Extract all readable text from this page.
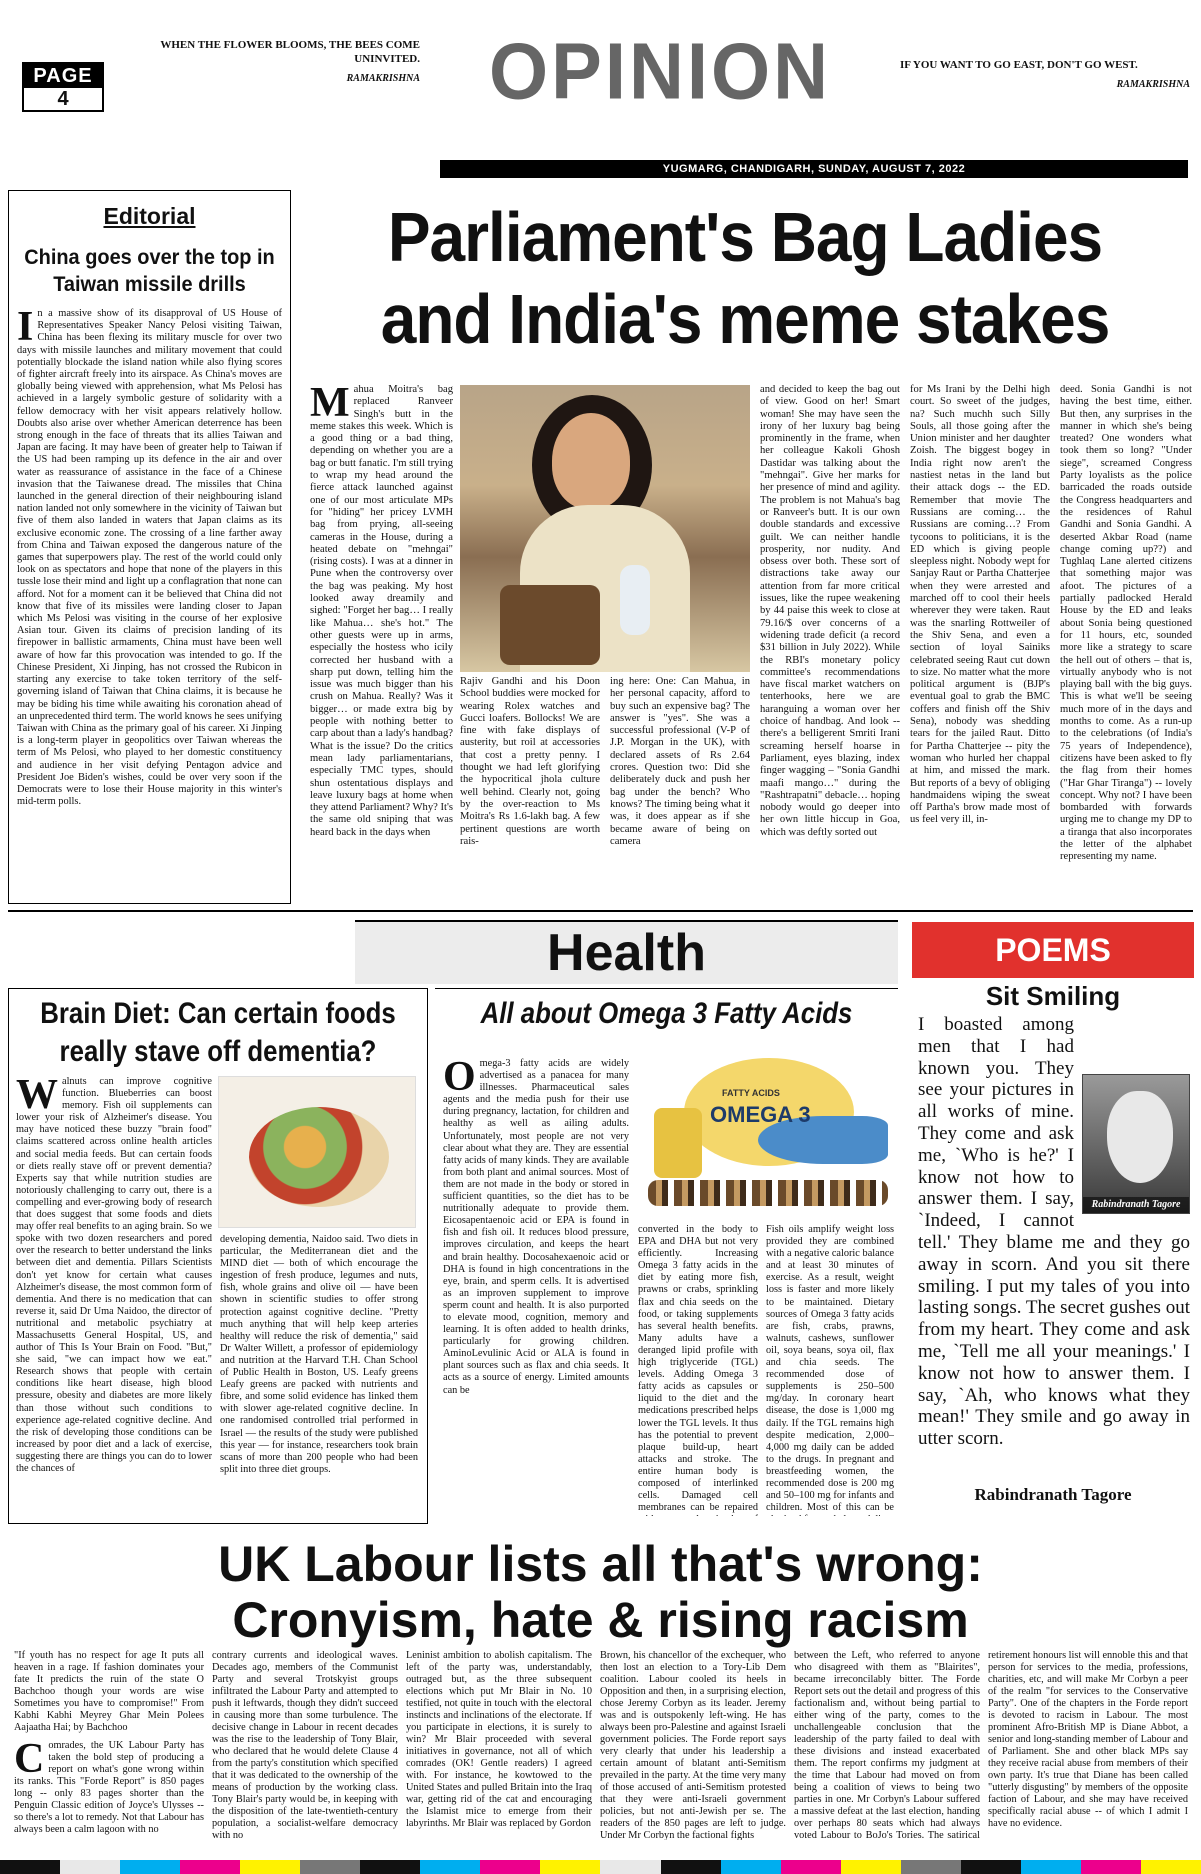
PAGE
4
WHEN THE FLOWER BLOOMS, THE BEES COME UNINVITED.
RAMAKRISHNA OPINION	IF YOU WANT TO GO EAST, DON'T GO WEST.
RAMAKRISHNA
YUGMARG, CHANDIGARH, SUNDAY, AUGUST 7, 2022
Editorial
China goes over the top in Taiwan missile drills
I n a massive show of its disapproval of US House of Representatives Speaker Nancy Pelosi visiting Taiwan, China has been flexing its military muscle for over two days with missile launches and military movement that could potentially blockade the island nation while also flying scores of fighter aircraft freely into its airspace. As China's moves are globally being viewed with apprehension, what Ms Pelosi has achieved in a largely symbolic gesture of solidarity with a fellow democracy with her visit appears relatively hollow. Doubts also arise over whether American deterrence has been strong enough in the face of threats that its allies Taiwan and Japan are facing. It may have been of greater help to Taiwan if the US had been ramping up its defence in the air and over water as reassurance of assistance in the face of a Chinese invasion that the Taiwanese dread. The missiles that China launched in the general direction of their neighbouring island nation landed not only somewhere in the vicinity of Taiwan but five of them also landed in waters that Japan claims as its exclusive economic zone. The crossing of a line farther away from China and Taiwan exposed the dangerous nature of the games that superpowers play. The rest of the world could only look on as spectators and hope that none of the players in this tussle lose their mind and light up a conflagration that none can afford. Not for a moment can it be believed that China did not know that five of its missiles were landing closer to Japan which Ms Pelosi was visiting in the course of her explosive Asian tour. Given its claims of precision landing of its firepower in ballistic armaments, China must have been well aware of how far this provocation was intended to go. If the Chinese President, Xi Jinping, has not crossed the Rubicon in starting any exercise to take token territory of the self-governing island of Taiwan that China claims, it is because he may be biding his time while awaiting his coronation ahead of an unprecedented third term. The world knows he sees unifying Taiwan with China as the primary goal of his career. Xi Jinping is a long-term player in geopolitics over Taiwan whereas the term of Ms Pelosi, who played to her domestic constituency and audience in her visit defying Pentagon advice and President Joe Biden's wishes, could be over very soon if the Democrats were to lose their House majority in this winter's mid-term polls.
Parliament's Bag Ladies
and India's meme stakes
M ahua Moitra's bag replaced Ranveer Singh's butt in the meme stakes this week. Which is a good thing or a bad thing, depending on whether you are a bag or butt fanatic. I'm still trying to wrap my head around the fierce attack launched against one of our most articulate MPs for "hiding" her pricey LVMH bag from prying, all-seeing cameras in the House, during a heated debate on "mehngai" (rising costs). I was at a dinner in Pune when the controversy over the bag was peaking. My host looked away dreamily and sighed: "Forget her bag… I really like Mahua… she's hot." The other guests were up in arms, especially the hostess who icily corrected her husband with a sharp put down, telling him the issue was much bigger than his crush on Mahua. Really? Was it bigger… or made extra big by people with nothing better to carp about than a lady's handbag? What is the issue? Do the critics mean lady parliamentarians, especially TMC types, should shun ostentatious displays and leave luxury bags at home when they attend Parliament? Why? It's the same old sniping that was heard back in the days when
Rajiv Gandhi and his Doon School buddies were mocked for wearing Rolex watches and Gucci loafers. Bollocks! We are fine with fake displays of austerity, but roil at accessories that cost a pretty penny. I thought we had left glorifying the hypocritical jhola culture well behind. Clearly not, going by the over-reaction to Ms Moitra's Rs 1.6-lakh bag. A few pertinent questions are worth rais-
ing here: One: Can Mahua, in her personal capacity, afford to buy such an expensive bag? The answer is "yes". She was a successful professional (V-P of J.P. Morgan in the UK), with declared assets of Rs 2.64 crores. Question two: Did she deliberately duck and push her bag under the bench? Who knows? The timing being what it was, it does appear as if she became aware of being on camera
and decided to keep the bag out of view. Good on her! Smart woman! She may have seen the irony of her luxury bag being prominently in the frame, when her colleague Kakoli Ghosh Dastidar was talking about the "mehngai". Give her marks for her presence of mind and agility. The problem is not Mahua's bag or Ranveer's butt. It is our own double standards and excessive guilt. We can neither handle prosperity, nor nudity. And obsess over both. These sort of distractions take away our attention from far more critical issues, like the rupee weakening by 44 paise this week to close at 79.16/$ over concerns of a widening trade deficit (a record $31 billion in July 2022). While the RBI's monetary policy committee's recommendations have fiscal market watchers on tenterhooks, here we are haranguing a woman over her choice of handbag. And look -- there's a belligerent Smriti Irani screaming herself hoarse in Parliament, eyes blazing, index finger wagging – "Sonia Gandhi maafi mango…" during the "Rashtrapatni" debacle… hoping nobody would go deeper into her own little hiccup in Goa, which was deftly sorted out
for Ms Irani by the Delhi high court. So sweet of the judges, na? Such muchh such Silly Souls, all those going after the Union minister and her daughter Zoish. The biggest bogey in India right now aren't the nastiest netas in the land but their attack dogs -- the ED. Remember that movie The Russians are coming… the Russians are coming…? From tycoons to politicians, it is the ED which is giving people sleepless night. Nobody wept for Sanjay Raut or Partha Chatterjee when they were arrested and marched off to cool their heels wherever they were taken. Raut was the snarling Rottweiler of the Shiv Sena, and even a section of loyal Sainiks celebrated seeing Raut cut down to size. No matter what the more political argument is (BJP's eventual goal to grab the BMC coffers and finish off the Shiv Sena), nobody was shedding tears for the jailed Raut. Ditto for Partha Chatterjee -- pity the woman who hurled her chappal at him, and missed the mark. But reports of a bevy of obliging handmaidens wiping the sweat off Partha's brow made most of us feel very ill, in-
deed. Sonia Gandhi is not having the best time, either. But then, any surprises in the manner in which she's being treated? One wonders what took them so long? "Under siege", screamed Congress Party loyalists as the police barricaded the roads outside the Congress headquarters and the residences of Rahul Gandhi and Sonia Gandhi. A deserted Akbar Road (name change coming up??) and Tughlaq Lane alerted citizens that something major was afoot. The pictures of a partially padlocked Herald House by the ED and leaks about Sonia being questioned for 11 hours, etc, sounded more like a strategy to scare the hell out of others – that is, virtually anybody who is not playing ball with the big guys. This is what we'll be seeing much more of in the days and months to come. As a run-up to the celebrations (of India's 75 years of Independence), citizens have been asked to fly the flag from their homes ("Har Ghar Tiranga") -- lovely concept. Why not? I have been bombarded with forwards urging me to change my DP to a tiranga that also incorporates the letter of the alphabet representing my name.
Health
Brain Diet: Can certain foods really stave off dementia?
W alnuts can improve cognitive function. Blueberries can boost memory. Fish oil supplements can lower your risk of Alzheimer's disease. You may have noticed these buzzy "brain food" claims scattered across online health articles and social media feeds. But can certain foods or diets really stave off or prevent dementia? Experts say that while nutrition studies are notoriously challenging to carry out, there is a compelling and ever-growing body of research that does suggest that some foods and diets may offer real benefits to an aging brain. So we spoke with two dozen researchers and pored over the research to better understand the links between diet and dementia. Pillars Scientists don't yet know for certain what causes Alzheimer's disease, the most common form of dementia. And there is no medication that can reverse it, said Dr Uma Naidoo, the director of nutritional and metabolic psychiatry at Massachusetts General Hospital, US, and author of This Is Your Brain on Food. "But," she said, "we can impact how we eat." Research shows that people with certain conditions like heart disease, high blood pressure, obesity and diabetes are more likely than those without such conditions to experience age-related cognitive decline. And the risk of developing those conditions can be increased by poor diet and a lack of exercise, suggesting there are things you can do to lower the chances of
developing dementia, Naidoo said. Two diets in particular, the Mediterranean diet and the MIND diet — both of which encourage the ingestion of fresh produce, legumes and nuts, fish, whole grains and olive oil — have been shown in scientific studies to offer strong protection against cognitive decline. "Pretty much anything that will help keep arteries healthy will reduce the risk of dementia," said Dr Walter Willett, a professor of epidemiology and nutrition at the Harvard T.H. Chan School of Public Health in Boston, US. Leafy greens Leafy greens are packed with nutrients and fibre, and some solid evidence has linked them with slower age-related cognitive decline. In one randomised controlled trial performed in Israel — the results of the study were published this year — for instance, researchers took brain scans of more than 200 people who had been split into three diet groups.
All about Omega 3 Fatty Acids
O mega-3 fatty acids are widely advertised as a panacea for many illnesses. Pharmaceutical sales agents and the media push for their use during pregnancy, lactation, for children and healthy as well as ailing adults. Unfortunately, most people are not very clear about what they are. They are essential fatty acids of many kinds. They are available from both plant and animal sources. Most of them are not made in the body or stored in sufficient quantities, so the diet has to be nutritionally adequate to provide them. Eicosapentaenoic acid or EPA is found in fish and fish oil. It reduces blood pressure, improves circulation, and keeps the heart and brain healthy. Docosahexaenoic acid or DHA is found in high concentrations in the eye, brain, and sperm cells. It is advertised as an improven supplement to improve sperm count and health. It is also purported to elevate mood, cognition, memory and learning. It is often added to health drinks, particularly for growing children. AminoLevulinic Acid or ALA is found in plant sources such as flax and chia seeds. It acts as a source of energy. Limited amounts can be
FATTY ACIDS
OMEGA 3
converted in the body to EPA and DHA but not very efficiently. Increasing Omega 3 fatty acids in the diet by eating more fish, prawns or crabs, sprinkling flax and chia seeds on the food, or taking supplements has several health benefits. Many adults have a deranged lipid profile with high triglyceride (TGL) levels. Adding Omega 3 fatty acids as capsules or liquid to the diet and the medications prescribed helps lower the TGL levels. It thus has the potential to prevent plaque build-up, heart attacks and stroke. The entire human body is composed of interlinked cells. Damaged cell membranes can be repaired
Fish oils amplify weight loss provided they are combined with a negative caloric balance and at least 30 minutes of exercise. As a result, weight loss is faster and more likely to be maintained. Dietary sources of Omega 3 fatty acids are fish, crabs, prawns, walnuts, cashews, sunflower oil, soya beans, soya oil, flax and chia seeds. The recommended dose of supplements is 250–500 mg/day. In coronary heart disease, the dose is 1,000 mg daily. If the TGL remains high despite medication, 2,000–4,000 mg daily can be added to the drugs. In pregnant and breastfeeding women, the recommended dose is 200 mg and 50–100 mg for infants and children. Most of this can be
POEMS
Sit Smiling
Rabindranath Tagore
I boasted among men that I had known you. They see your pictures in all works of mine. They come and ask me, `Who is he?' I know not how to answer them. I say, `Indeed, I cannot tell.' They blame me and they go away in scorn. And you sit there smiling. I put my tales of you into lasting songs. The secret gushes out from my heart. They come and ask me, `Tell me all your meanings.' I know not how to answer them. I say, `Ah, who knows what they mean!' They smile and go away in utter scorn.
Rabindranath Tagore
UK Labour lists all that's wrong:
Cronyism, hate & rising racism
"If youth has no respect for age It puts all heaven in a rage. If fashion dominates your fate It predicts the ruin of the state O Bachchoo though your words are wise Sometimes you have to compromise!" From Kabhi Kabhi Meyrey Ghar Mein Polees Aajaatha Hai; by Bachchoo
C omrades, the UK Labour Party has taken the bold step of producing a report on what's gone wrong within its ranks. This "Forde Report" is 850 pages long -- only 83 pages shorter than the Penguin Classic edition of Joyce's Ulysses -- so there's a lot to remedy. Not that Labour has always been a calm lagoon with no
contrary currents and ideological waves. Decades ago, members of the Communist Party and several Trotskyist groups infiltrated the Labour Party and attempted to push it leftwards, though they didn't succeed in causing more than some turbulence. The decisive change in Labour in recent decades was the rise to the leadership of Tony Blair, who declared that he would delete Clause 4 from the party's constitution which specified that it was dedicated to the ownership of the means of production by the working class. Tony Blair's party would be, in keeping with the disposition of the late-twentieth-century population, a socialist-welfare democracy with no
Leninist ambition to abolish capitalism. The left of the party was, understandably, outraged but, as the three subsequent elections which put Mr Blair in No. 10 testified, not quite in touch with the electoral instincts and inclinations of the electorate. If you participate in elections, it is surely to win? Mr Blair proceeded with several initiatives in governance, not all of which comrades (OK! Gentle readers) I agreed with. For instance, he kowtowed to the United States and pulled Britain into the Iraq war, getting rid of the cat and encouraging the Islamist mice to emerge from their labyrinths. Mr Blair was replaced by Gordon
Brown, his chancellor of the exchequer, who then lost an election to a Tory-Lib Dem coalition. Labour cooled its heels in Opposition and then, in a surprising election, chose Jeremy Corbyn as its leader. Jeremy was and is outspokenly left-wing. He has always been pro-Palestine and against Israeli government policies. The Forde report says very clearly that under his leadership a certain amount of blatant anti-Semitism prevailed in the party. At the time very many of those accused of anti-Semitism protested that they were anti-Israeli government policies, but not anti-Jewish per se. The readers of the 850 pages are left to judge. Under Mr Corbyn the factional fights
between the Left, who referred to anyone who disagreed with them as "Blairites", became irreconcilably bitter. The Forde Report sets out the detail and progress of this factionalism and, without being partial to either wing of the party, comes to the unchallengeable conclusion that the leadership of the party failed to deal with these divisions and instead exacerbated them. The report confirms my judgment at the time that Labour had moved on from being a coalition of views to being two parties in one. Mr Corbyn's Labour suffered a massive defeat at the last election, handing over perhaps 80 seats which had always voted Labour to BoJo's Tories. The satirical
retirement honours list will ennoble this and that person for services to the media, professions, charities, etc, and will make Mr Corbyn a peer of the realm "for services to the Conservative Party". One of the chapters in the Forde report is devoted to racism in Labour. The most prominent Afro-British MP is Diane Abbot, a senior and long-standing member of Labour and of Parliament. She and other black MPs say they receive racial abuse from members of their own party. It's true that Diane has been called "utterly disgusting" by members of the opposite faction of Labour, and she may have received specifically racial abuse -- of which I admit I have no evidence.
